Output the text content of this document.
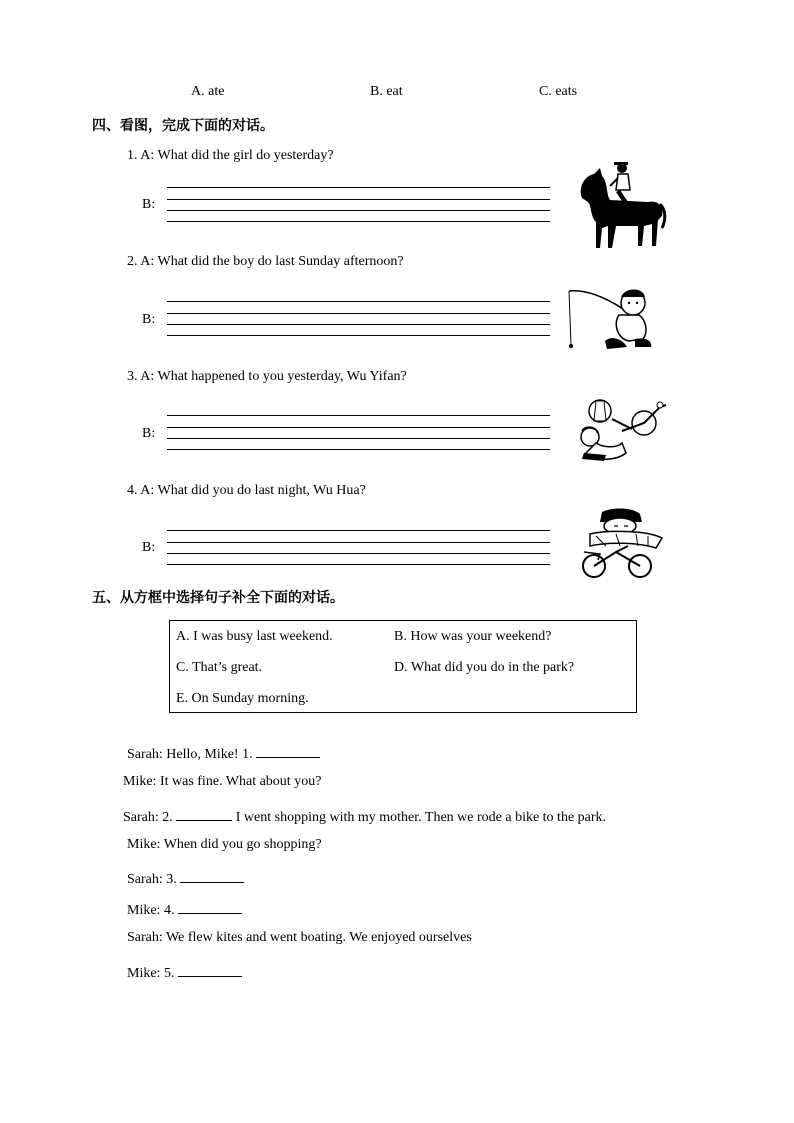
A. ate	B. eat	C. eats
四、看图，完成下面的对话。
1. A: What did the girl do yesterday?
B:
2. A: What did the boy do last Sunday afternoon?
B:
3. A: What happened to you yesterday, Wu Yifan?
B:
4. A: What did you do last night, Wu Hua?
B:
五、从方框中选择句子补全下面的对话。
A. I was busy last weekend.	B. How was your weekend?
C. That’s great.	D. What did you do in the park?
E. On Sunday morning.
Sarah: Hello, Mike! 1.
Mike: It was fine. What about you?
Sarah: 2.	I went shopping with my mother. Then we rode a bike to the park.
Mike: When did you go shopping?
Sarah: 3.
Mike: 4.
Sarah: We flew kites and went boating. We enjoyed ourselves
Mike: 5.
